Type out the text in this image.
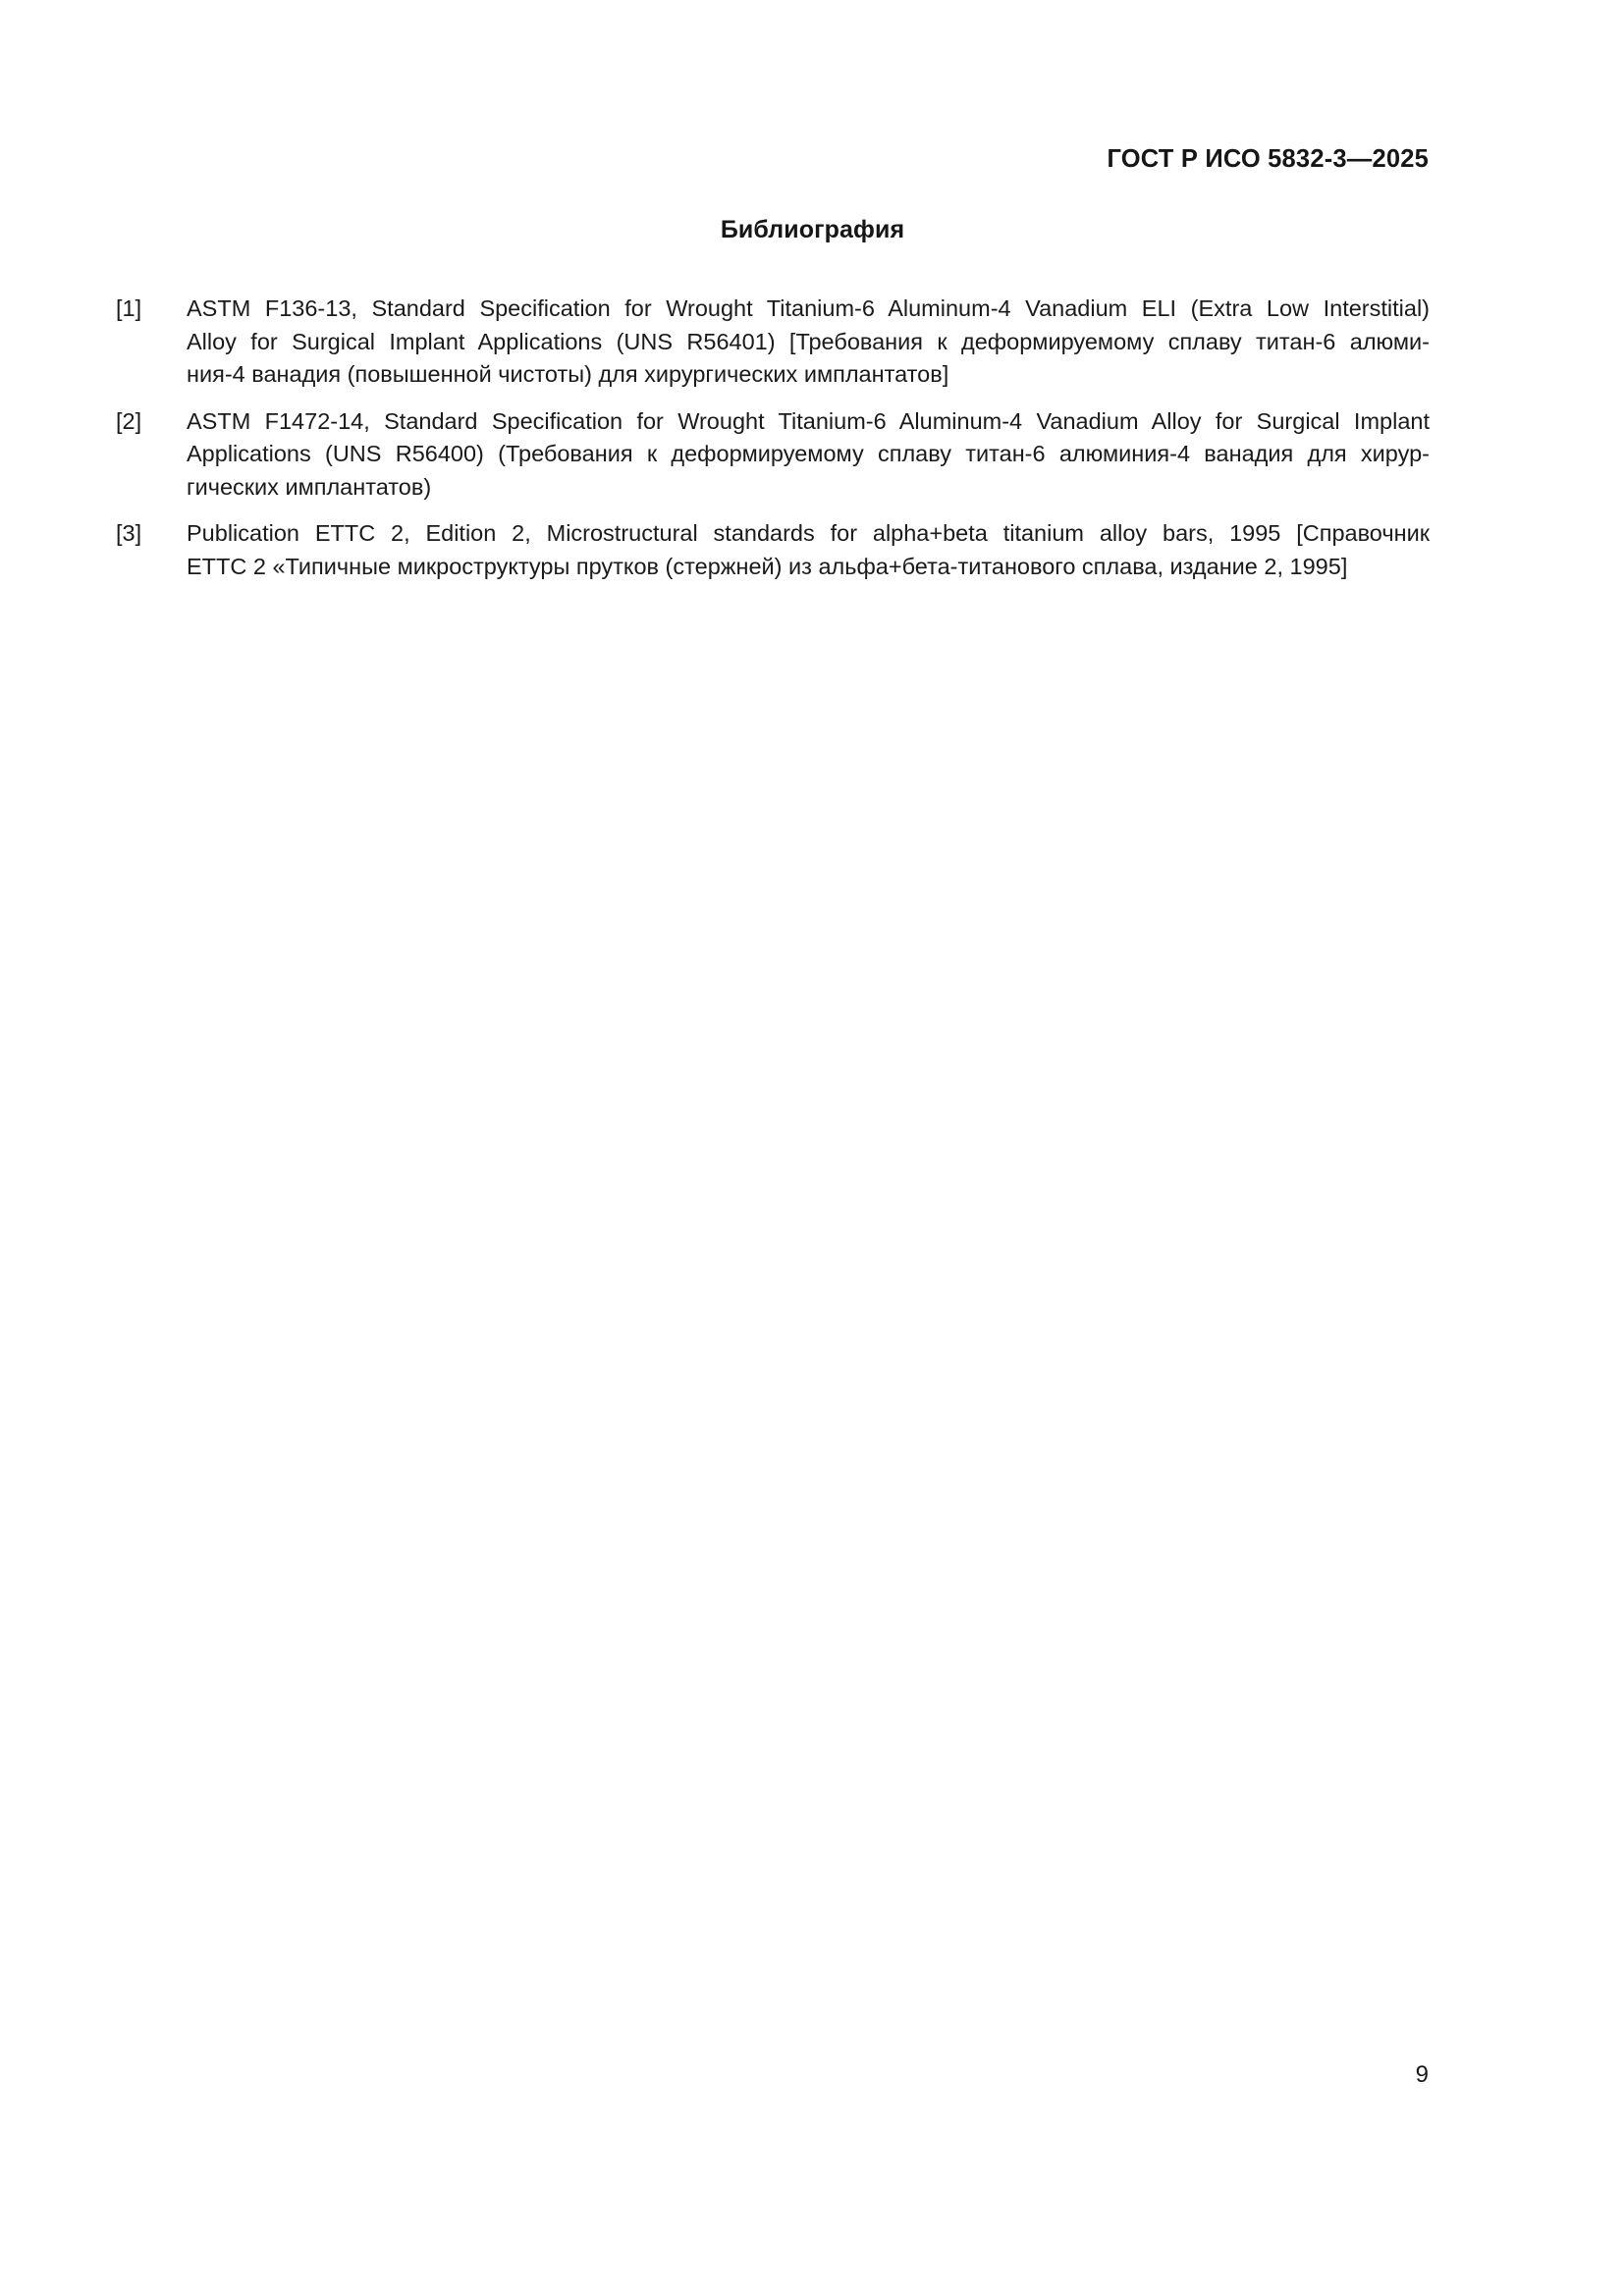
ГОСТ Р ИСО 5832-3—2025
Библиография
[1]	ASTM F136-13, Standard Specification for Wrought Titanium-6 Aluminum-4 Vanadium ELI (Extra Low Interstitial)
Alloy for Surgical Implant Applications (UNS R56401) [Требования к деформируемому сплаву титан-6 алюми-
ния-4 ванадия (повышенной чистоты) для хирургических имплантатов]
[2]	ASTM F1472-14, Standard Specification for Wrought Titanium-6 Aluminum-4 Vanadium Alloy for Surgical Implant
Applications (UNS R56400) (Требования к деформируемому сплаву титан-6 алюминия-4 ванадия для хирур-
гических имплантатов)
[3]	Publication ETTC 2, Edition 2, Microstructural standards for alpha+beta titanium alloy bars, 1995 [Справочник
ETTC 2 «Типичные микроструктуры прутков (стержней) из альфа+бета-титанового сплава, издание 2, 1995]
9
